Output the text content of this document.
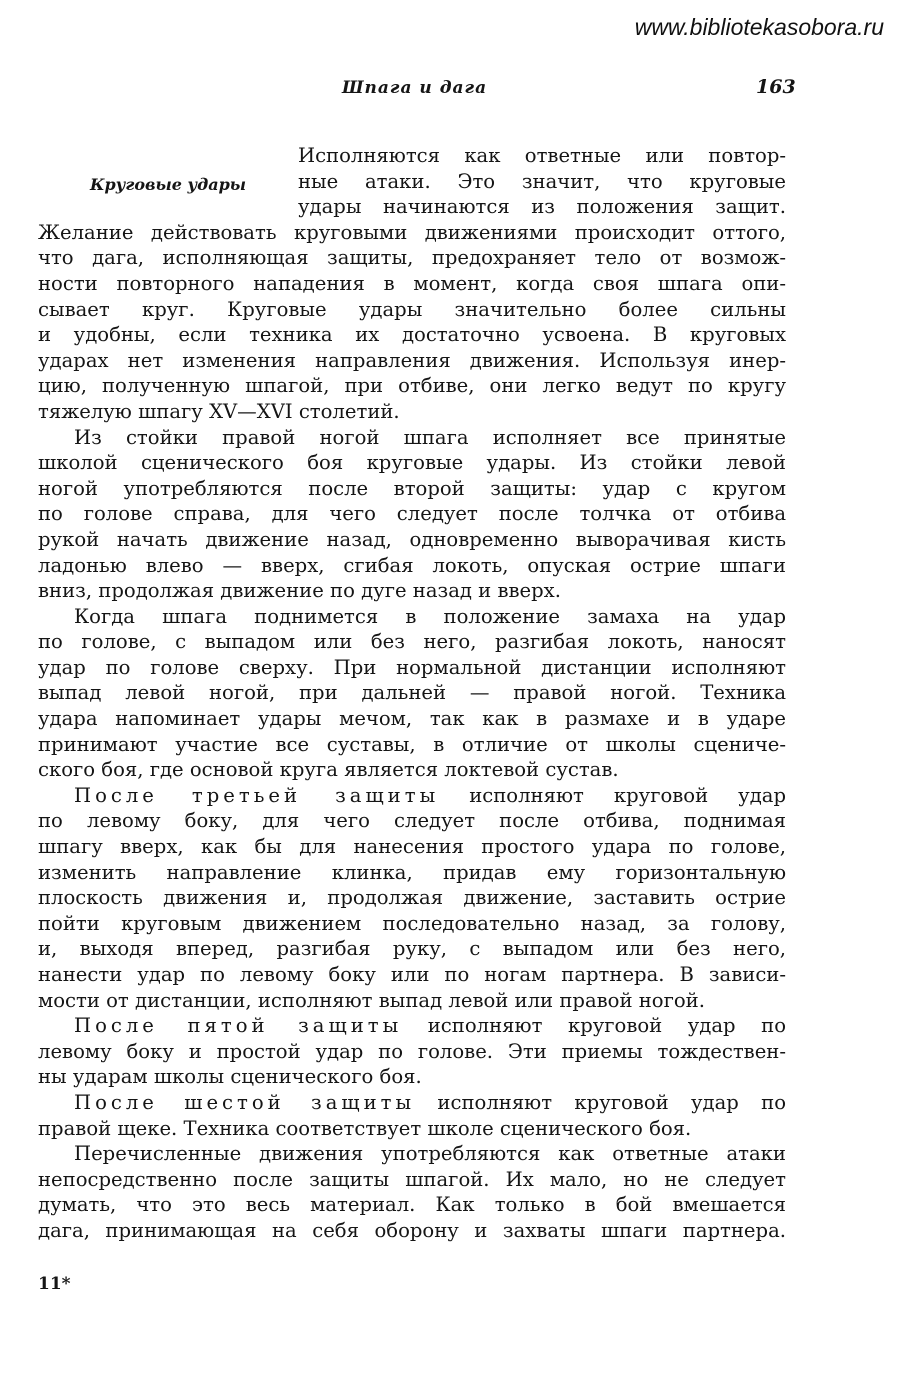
www.bibliotekasobora.ru
Шпага и дага	163
Круговые удары
Исполняются как ответные или повтор-
ные атаки. Это значит, что круговые
удары начинаются из положения защит.
Желание действовать круговыми движениями происходит оттого,
что дага, исполняющая защиты, предохраняет тело от возмож-
ности повторного нападения в момент, когда своя шпага опи-
сывает круг. Круговые удары значительно более сильны
и удобны, если техника их достаточно усвоена. В круговых
ударах нет изменения направления движения. Используя инер-
цию, полученную шпагой, при отбиве, они легко ведут по кругу
тяжелую шпагу XV—XVI столетий.
Из стойки правой ногой шпага исполняет все принятые
школой сценического боя круговые удары. Из стойки левой
ногой употребляются после второй защиты: удар с кругом
по голове справа, для чего следует после толчка от отбива
рукой начать движение назад, одновременно выворачивая кисть
ладонью влево — вверх, сгибая локоть, опуская острие шпаги
вниз, продолжая движение по дуге назад и вверх.
Когда шпага поднимется в положение замаха на удар
по голове, с выпадом или без него, разгибая локоть, наносят
удар по голове сверху. При нормальной дистанции исполняют
выпад левой ногой, при дальней — правой ногой. Техника
удара напоминает удары мечом, так как в размахе и в ударе
принимают участие все суставы, в отличие от школы сцениче-
ского боя, где основой круга является локтевой сустав.
После третьей защиты исполняют круговой удар
по левому боку, для чего следует после отбива, поднимая
шпагу вверх, как бы для нанесения простого удара по голове,
изменить направление клинка, придав ему горизонтальную
плоскость движения и, продолжая движение, заставить острие
пойти круговым движением последовательно назад, за голову,
и, выходя вперед, разгибая руку, с выпадом или без него,
нанести удар по левому боку или по ногам партнера. В зависи-
мости от дистанции, исполняют выпад левой или правой ногой.
После пятой защиты исполняют круговой удар по
левому боку и простой удар по голове. Эти приемы тождествен-
ны ударам школы сценического боя.
После шестой защиты исполняют круговой удар по
правой щеке. Техника соответствует школе сценического боя.
Перечисленные движения употребляются как ответные атаки
непосредственно после защиты шпагой. Их мало, но не следует
думать, что это весь материал. Как только в бой вмешается
дага, принимающая на себя оборону и захваты шпаги партнера.
11*
